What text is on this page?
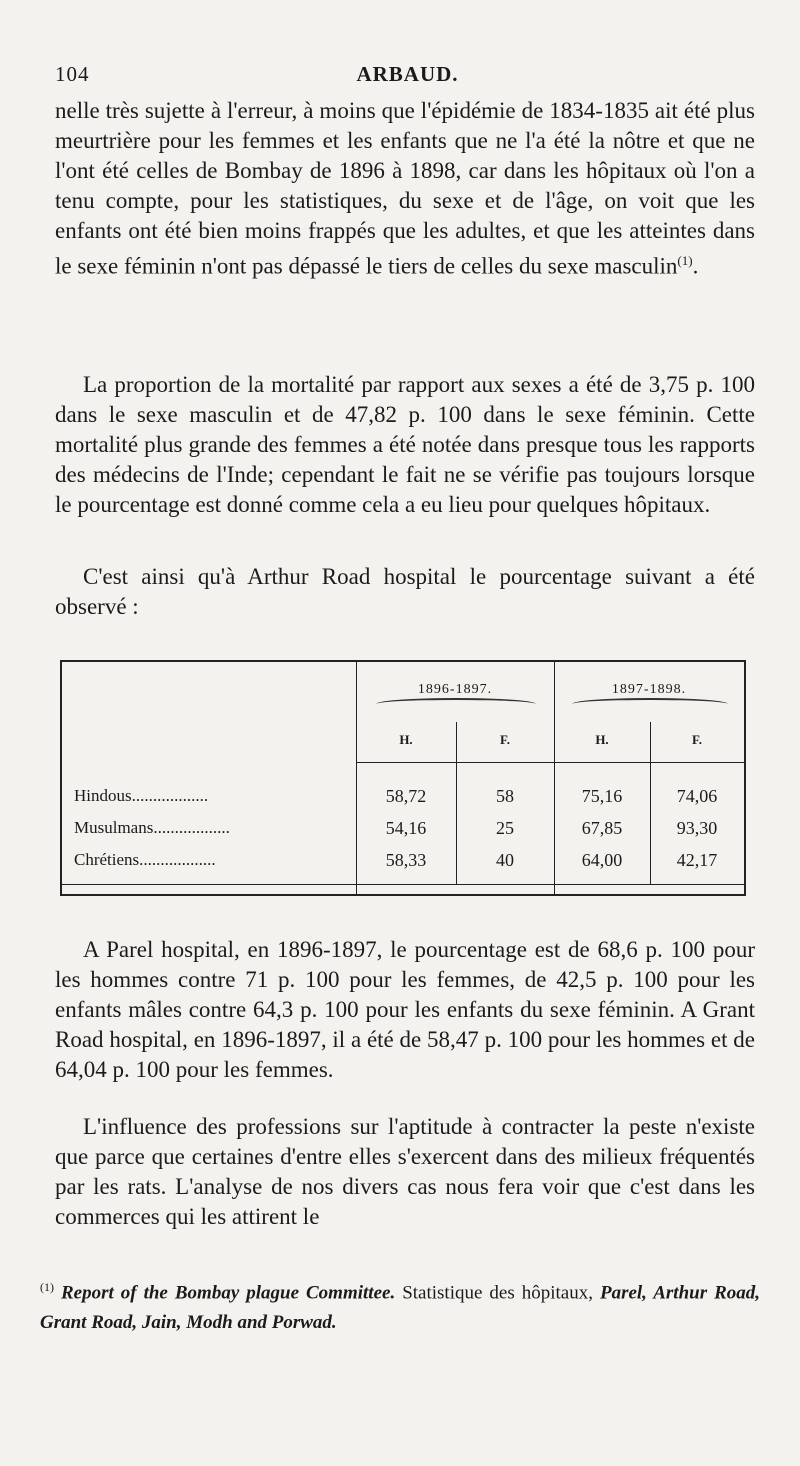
104	ARBAUD.

nelle très sujette à l'erreur, à moins que l'épidémie de 1834-1835 ait été plus meurtrière pour les femmes et les enfants que ne l'a été la nôtre et que ne l'ont été celles de Bombay de 1896 à 1898, car dans les hôpitaux où l'on a tenu compte, pour les statistiques, du sexe et de l'âge, on voit que les enfants ont été bien moins frappés que les adultes, et que les atteintes dans le sexe féminin n'ont pas dépassé le tiers de celles du sexe masculin$^{(1)}$.

La proportion de la mortalité par rapport aux sexes a été de 3,75 p. 100 dans le sexe masculin et de 47,82 p. 100 dans le sexe féminin. Cette mortalité plus grande des femmes a été notée dans presque tous les rapports des médecins de l'Inde; cependant le fait ne se vérifie pas toujours lorsque le pourcentage est donné comme cela a eu lieu pour quelques hôpitaux.

C'est ainsi qu'à Arthur Road hospital le pourcentage suivant a été observé :

1896-1897.	1897-1898.
H.	F.	H.	F.
Hindous..................	58,72	58	75,16	74,06
Musulmans..................	54,16	25	67,85	93,30
Chrétiens..................	58,33	40	64,00	42,17

A Parel hospital, en 1896-1897, le pourcentage est de 68,6 p. 100 pour les hommes contre 71 p. 100 pour les femmes, de 42,5 p. 100 pour les enfants mâles contre 64,3 p. 100 pour les enfants du sexe féminin. A Grant Road hospital, en 1896-1897, il a été de 58,47 p. 100 pour les hommes et de 64,04 p. 100 pour les femmes.

L'influence des professions sur l'aptitude à contracter la peste n'existe que parce que certaines d'entre elles s'exercent dans des milieux fréquentés par les rats. L'analyse de nos divers cas nous fera voir que c'est dans les commerces qui les attirent le

$^{(1)}$ Report of the Bombay plague Committee. Statistique des hôpitaux, Parel, Arthur Road, Grant Road, Jain, Modh and Porwad.
